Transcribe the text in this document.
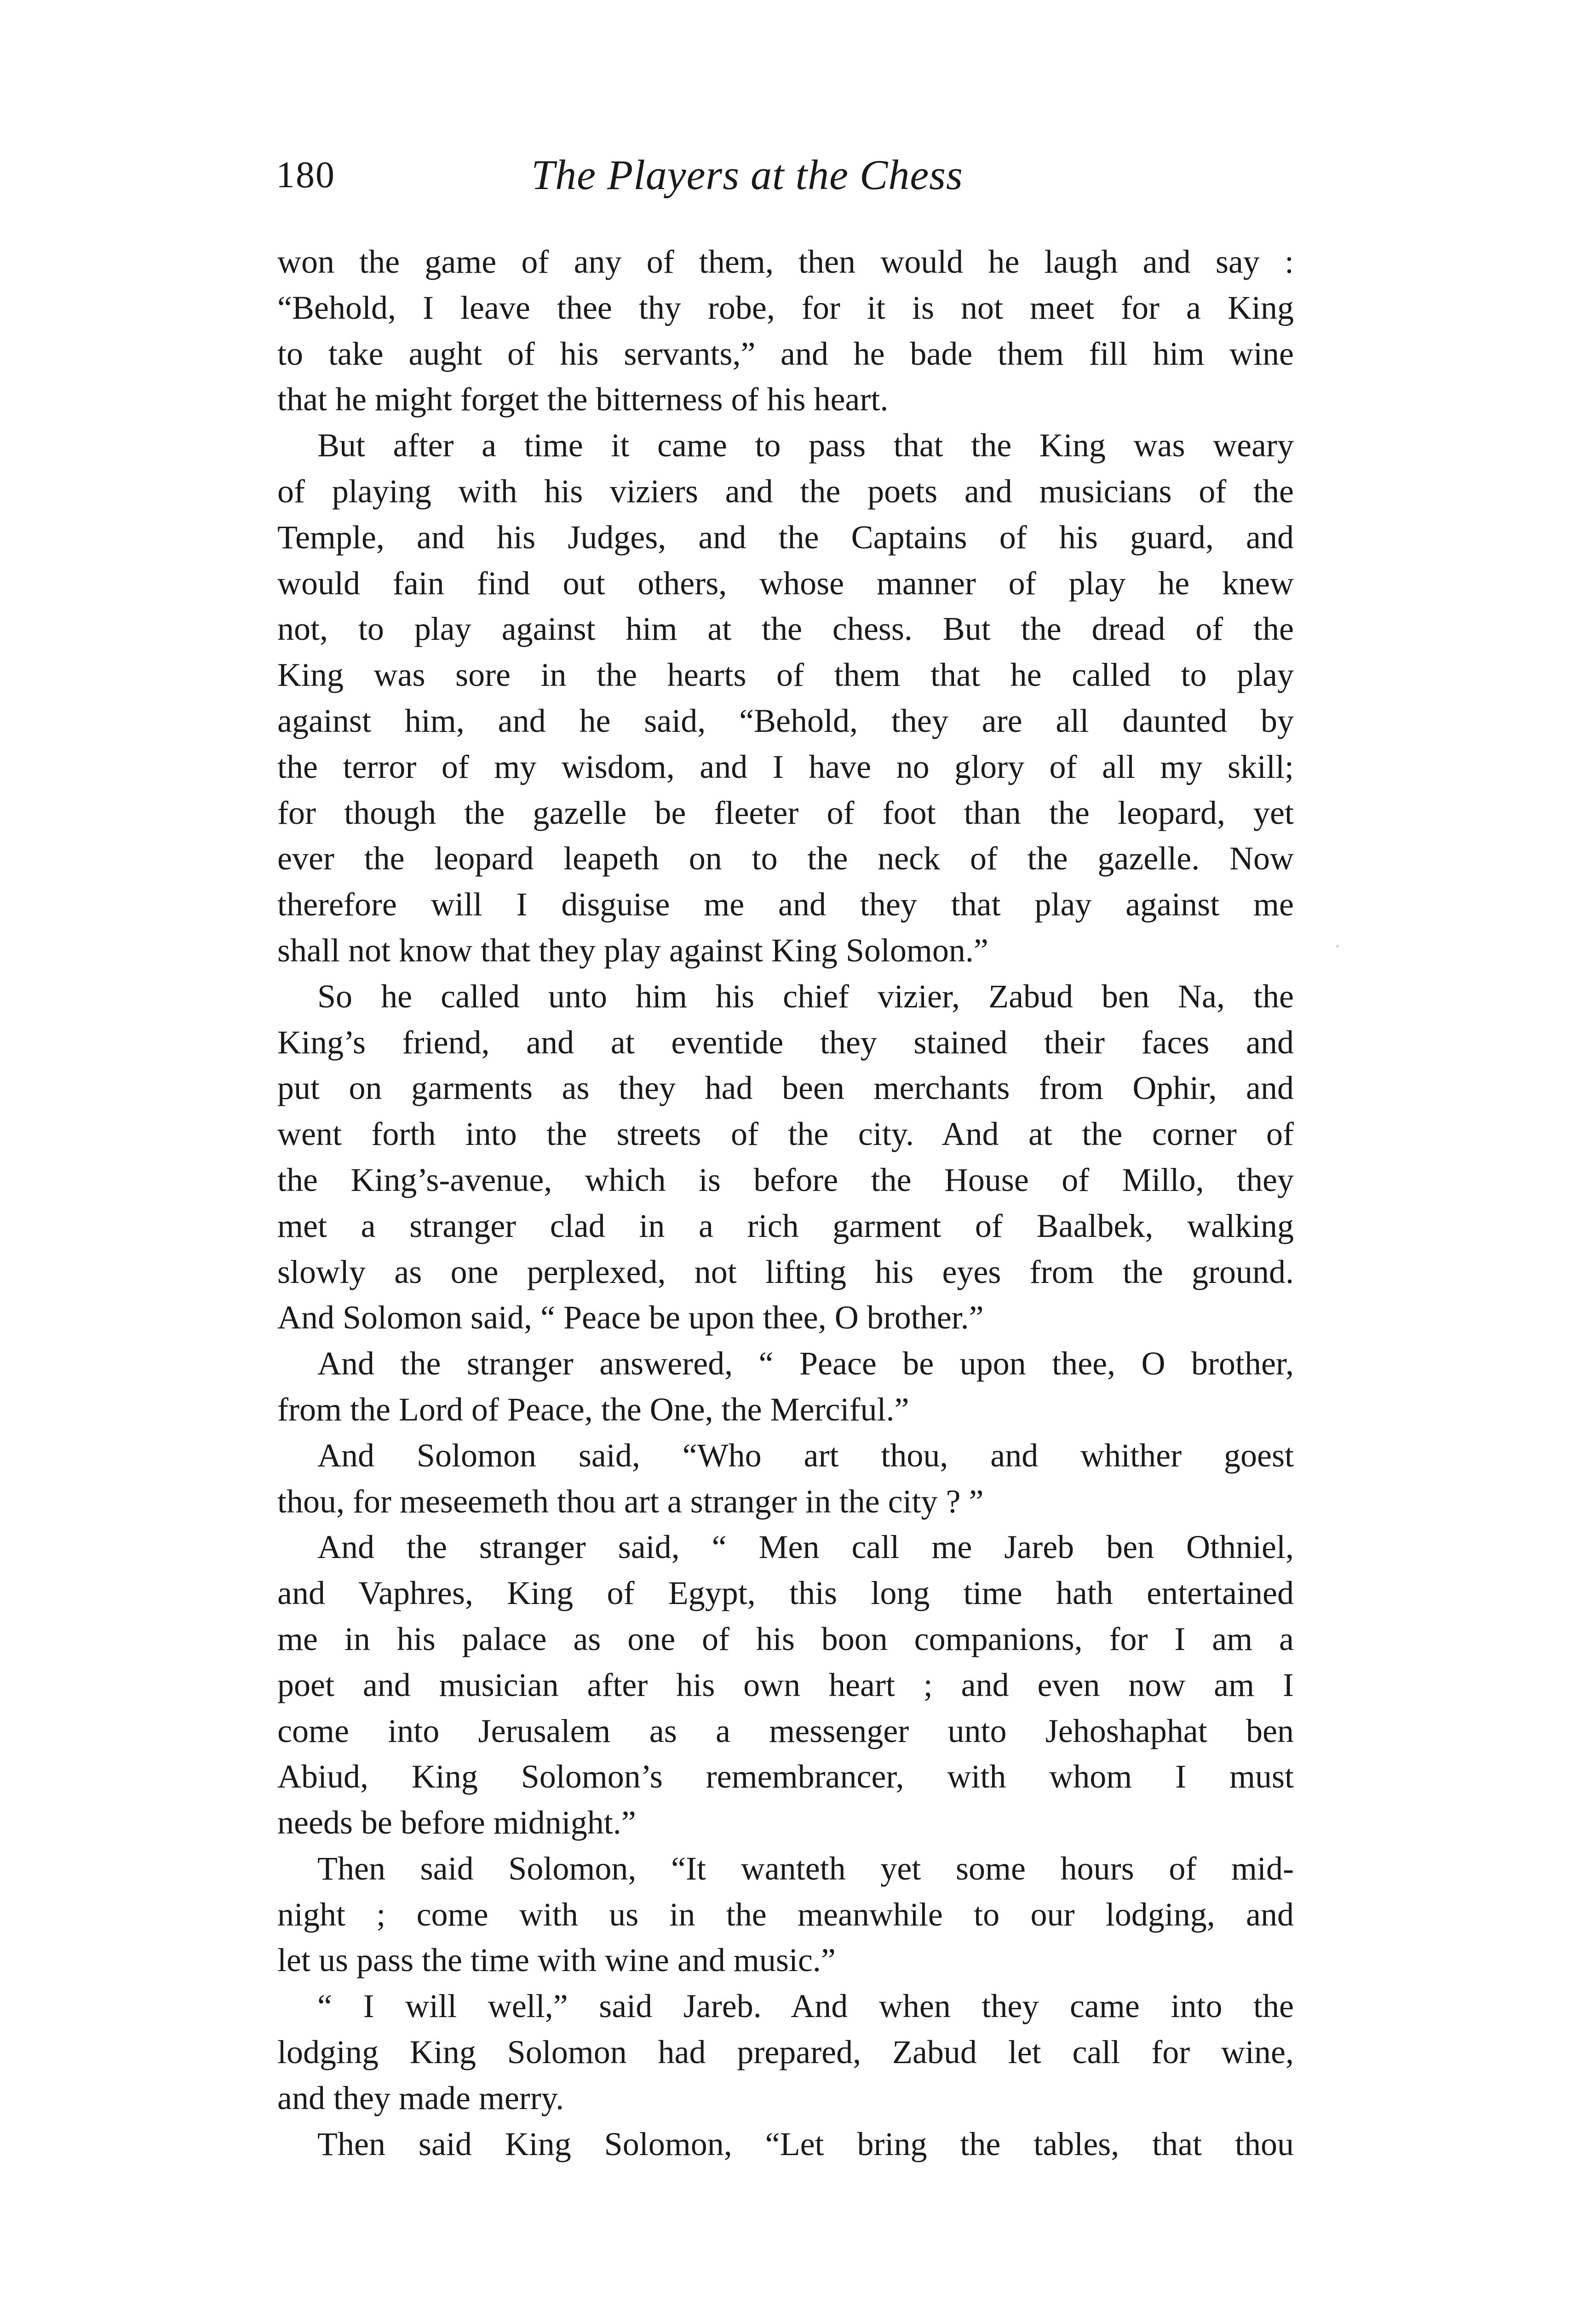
180	The Players at the Chess
won the game of any of them, then would he laugh and say :
“Behold, I leave thee thy robe, for it is not meet for a King
to take aught of his servants,” and he bade them fill him wine
that he might forget the bitterness of his heart.
But after a time it came to pass that the King was weary
of playing with his viziers and the poets and musicians of the
Temple, and his Judges, and the Captains of his guard, and
would fain find out others, whose manner of play he knew
not, to play against him at the chess. But the dread of the
King was sore in the hearts of them that he called to play
against him, and he said, “Behold, they are all daunted by
the terror of my wisdom, and I have no glory of all my skill;
for though the gazelle be fleeter of foot than the leopard, yet
ever the leopard leapeth on to the neck of the gazelle. Now
therefore will I disguise me and they that play against me
shall not know that they play against King Solomon.”
So he called unto him his chief vizier, Zabud ben Na, the
King’s friend, and at eventide they stained their faces and
put on garments as they had been merchants from Ophir, and
went forth into the streets of the city. And at the corner of
the King’s-avenue, which is before the House of Millo, they
met a stranger clad in a rich garment of Baalbek, walking
slowly as one perplexed, not lifting his eyes from the ground.
And Solomon said, “ Peace be upon thee, O brother.”
And the stranger answered, “ Peace be upon thee, O brother,
from the Lord of Peace, the One, the Merciful.”
And Solomon said, “Who art thou, and whither goest
thou, for meseemeth thou art a stranger in the city ? ”
And the stranger said, “ Men call me Jareb ben Othniel,
and Vaphres, King of Egypt, this long time hath entertained
me in his palace as one of his boon companions, for I am a
poet and musician after his own heart ; and even now am I
come into Jerusalem as a messenger unto Jehoshaphat ben
Abiud, King Solomon’s remembrancer, with whom I must
needs be before midnight.”
Then said Solomon, “It wanteth yet some hours of mid-
night ; come with us in the meanwhile to our lodging, and
let us pass the time with wine and music.”
“ I will well,” said Jareb. And when they came into the
lodging King Solomon had prepared, Zabud let call for wine,
and they made merry.
Then said King Solomon, “Let bring the tables, that thou
